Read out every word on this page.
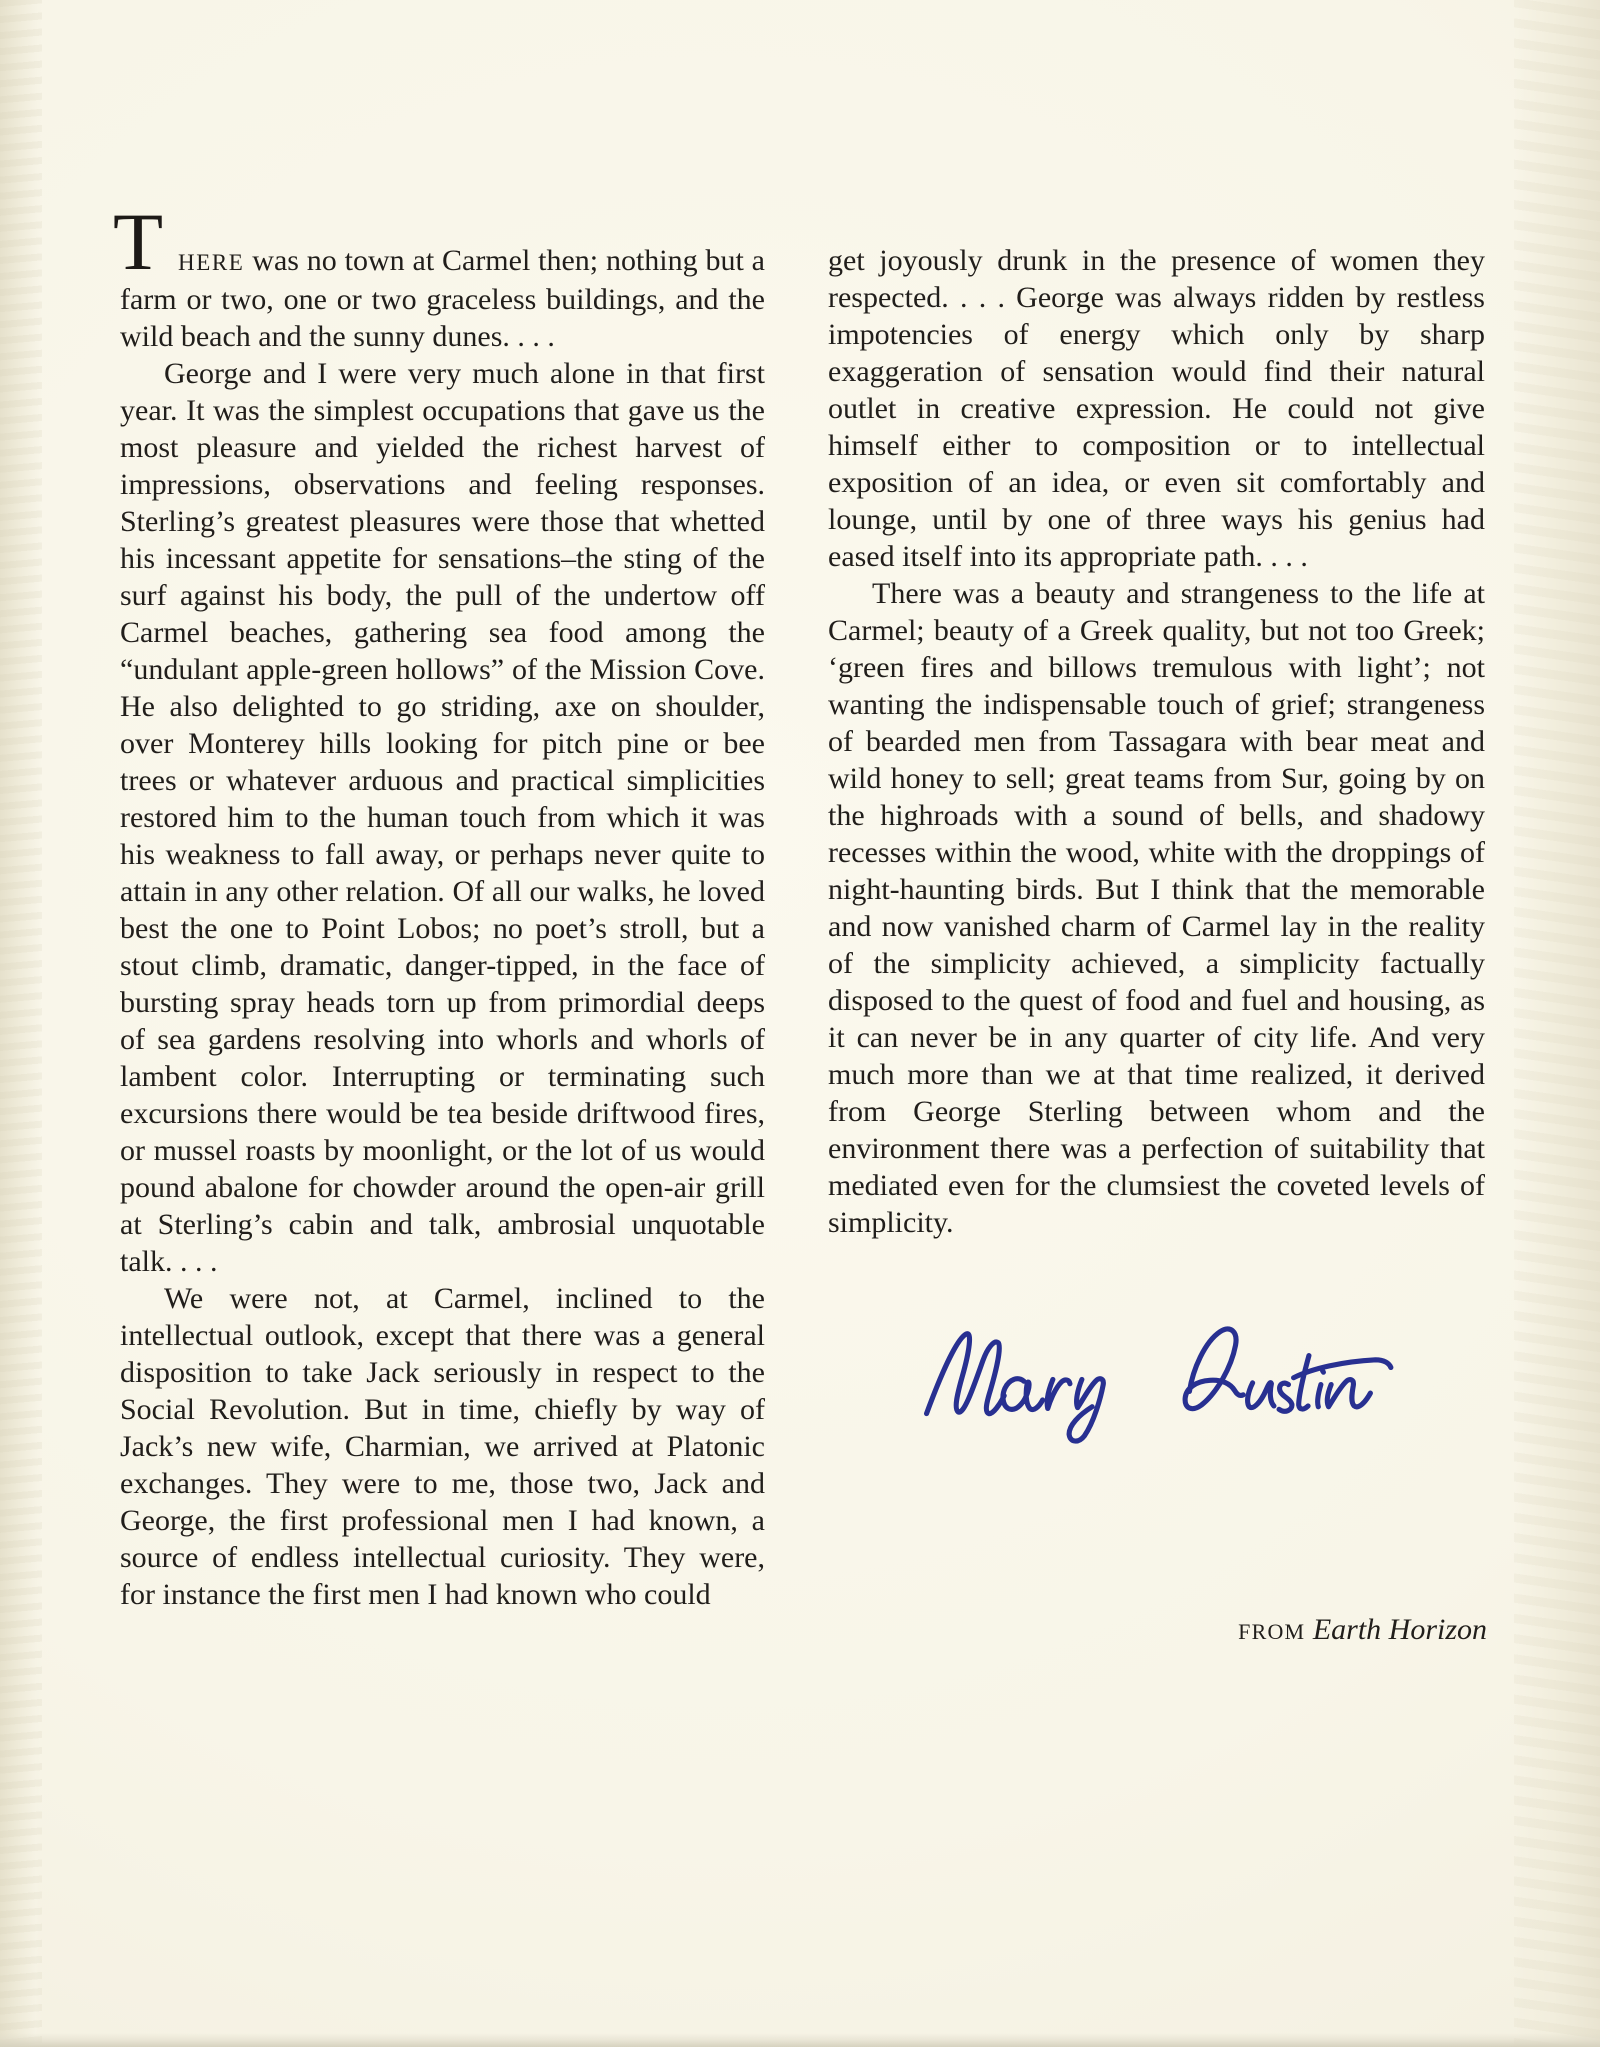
T HERE was no town at Carmel then; nothing but a farm or two, one or two graceless buildings, and the wild beach and the sunny dunes. . . .

George and I were very much alone in that first year. It was the simplest occupations that gave us the most pleasure and yielded the richest harvest of impressions, observations and feeling responses. Sterling’s greatest pleasures were those that whetted his incessant appetite for sensations–the sting of the surf against his body, the pull of the undertow off Carmel beaches, gathering sea food among the “undulant apple-green hollows” of the Mission Cove. He also delighted to go striding, axe on shoulder, over Monterey hills looking for pitch pine or bee trees or whatever arduous and practical simplicities restored him to the human touch from which it was his weakness to fall away, or perhaps never quite to attain in any other relation. Of all our walks, he loved best the one to Point Lobos; no poet’s stroll, but a stout climb, dramatic, danger-tipped, in the face of bursting spray heads torn up from primordial deeps of sea gardens resolving into whorls and whorls of lambent color. Interrupting or terminating such excursions there would be tea beside driftwood fires, or mussel roasts by moonlight, or the lot of us would pound abalone for chowder around the open-air grill at Sterling’s cabin and talk, ambrosial unquotable talk. . . .

We were not, at Carmel, inclined to the intellectual outlook, except that there was a general disposition to take Jack seriously in respect to the Social Revolution. But in time, chiefly by way of Jack’s new wife, Charmian, we arrived at Platonic exchanges. They were to me, those two, Jack and George, the first professional men I had known, a source of endless intellectual curiosity. They were, for instance the first men I had known who could

get joyously drunk in the presence of women they respected. . . . George was always ridden by restless impotencies of energy which only by sharp exaggeration of sensation would find their natural outlet in creative expression. He could not give himself either to composition or to intellectual exposition of an idea, or even sit comfortably and lounge, until by one of three ways his genius had eased itself into its appropriate path. . . .

There was a beauty and strangeness to the life at Carmel; beauty of a Greek quality, but not too Greek; ‘green fires and billows tremulous with light’; not wanting the indispensable touch of grief; strangeness of bearded men from Tassagara with bear meat and wild honey to sell; great teams from Sur, going by on the highroads with a sound of bells, and shadowy recesses within the wood, white with the droppings of night-haunting birds. But I think that the memorable and now vanished charm of Carmel lay in the reality of the simplicity achieved, a simplicity factually disposed to the quest of food and fuel and housing, as it can never be in any quarter of city life. And very much more than we at that time realized, it derived from George Sterling between whom and the environment there was a perfection of suitability that mediated even for the clumsiest the coveted levels of simplicity.

FROM Earth Horizon
